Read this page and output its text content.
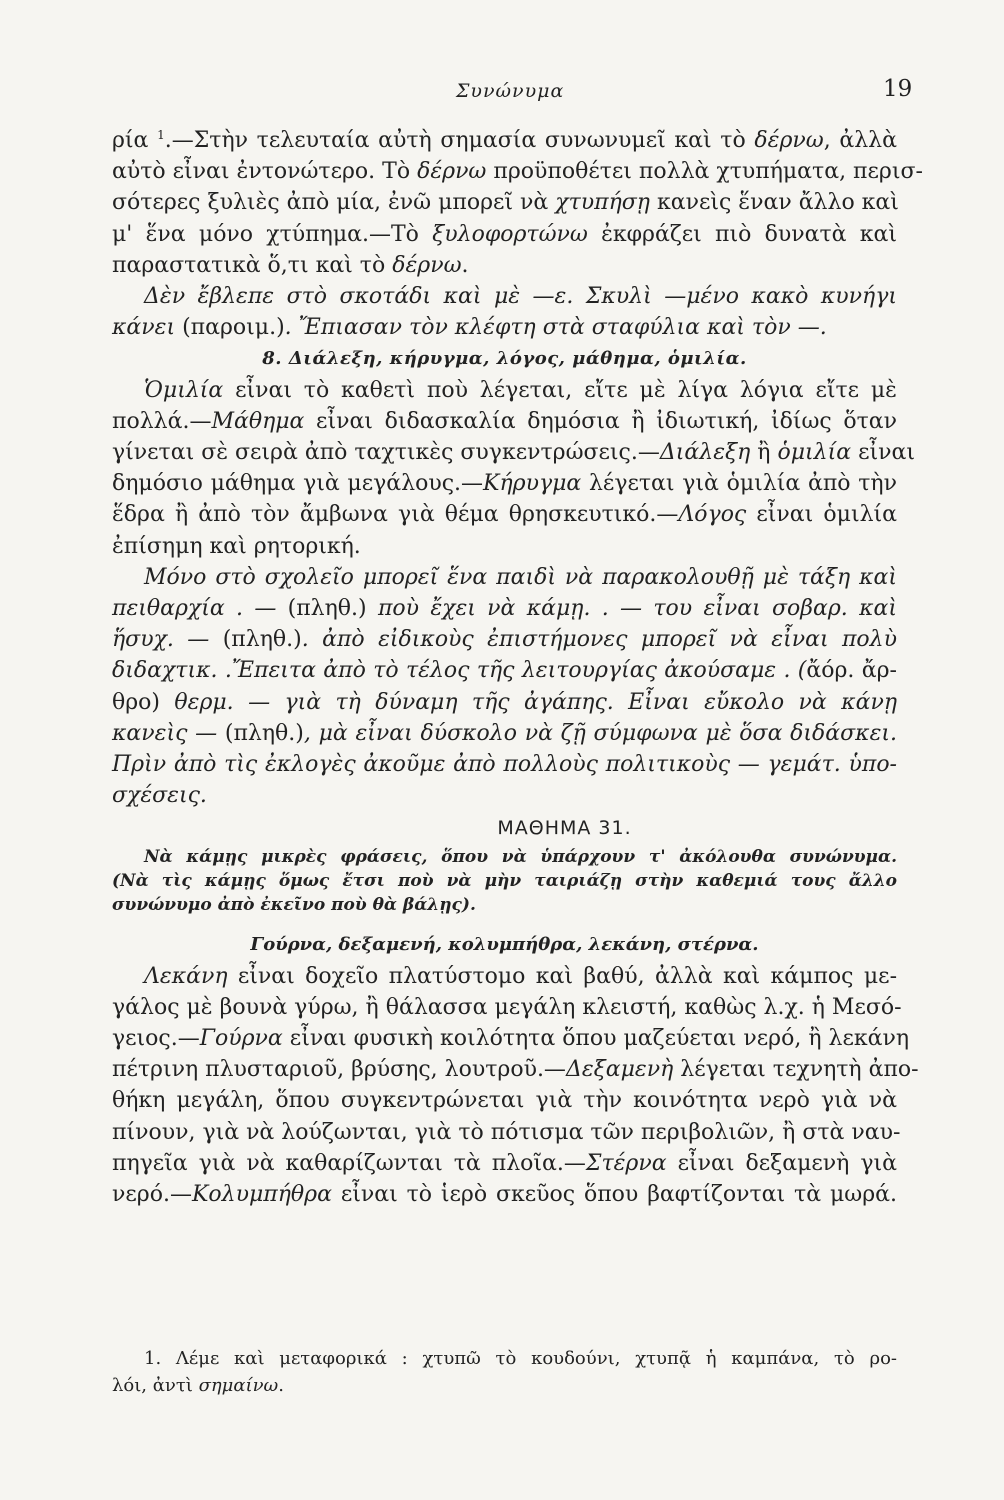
Συνώνυμα	19
ρία $^1$.—Στὴν τελευταία αὐτὴ σημασία συνωνυμεῖ καὶ τὸ δέρνω, ἀλλὰ
αὐτὸ εἶναι ἐντονώτερο. Τὸ δέρνω προϋποθέτει πολλὰ χτυπήματα, περισ-
σότερες ξυλιὲς ἀπὸ μία, ἐνῶ μπορεῖ νὰ χτυπήσῃ κανεὶς ἕναν ἄλλο καὶ
μ' ἕνα μόνο χτύπημα.—Τὸ ξυλοφορτώνω ἐκφράζει πιὸ δυνατὰ καὶ
παραστατικὰ ὅ,τι καὶ τὸ δέρνω.
Δὲν ἔβλεπε στὸ σκοτάδι καὶ μὲ —ε. Σκυλὶ —μένο κακὸ κυνήγι
κάνει (παροιμ.). Ἔπιασαν τὸν κλέφτη στὰ σταφύλια καὶ τὸν —.
8. Διάλεξη, κήρυγμα, λόγος, μάθημα, ὁμιλία.
Ὁμιλία εἶναι τὸ καθετὶ ποὺ λέγεται, εἴτε μὲ λίγα λόγια εἴτε μὲ
πολλά.—Μάθημα εἶναι διδασκαλία δημόσια ἢ ἰδιωτική, ἰδίως ὅταν
γίνεται σὲ σειρὰ ἀπὸ ταχτικὲς συγκεντρώσεις.—Διάλεξη ἢ ὁμιλία εἶναι
δημόσιο μάθημα γιὰ μεγάλους.—Κήρυγμα λέγεται γιὰ ὁμιλία ἀπὸ τὴν
ἕδρα ἢ ἀπὸ τὸν ἄμβωνα γιὰ θέμα θρησκευτικό.—Λόγος εἶναι ὁμιλία
ἐπίσημη καὶ ρητορική.
Μόνο στὸ σχολεῖο μπορεῖ ἕνα παιδὶ νὰ παρακολουθῇ μὲ τάξη καὶ
πειθαρχία . — (πληθ.) ποὺ ἔχει νὰ κάμῃ. . — του εἶναι σοβαρ. καὶ
ἥσυχ. — (πληθ.). ἀπὸ εἰδικοὺς ἐπιστήμονες μπορεῖ νὰ εἶναι πολὺ
διδαχτικ. .Ἔπειτα ἀπὸ τὸ τέλος τῆς λειτουργίας ἀκούσαμε . (ἄόρ. ἄρ-
θρο) θερμ. — γιὰ τὴ δύναμη τῆς ἀγάπης. Εἶναι εὔκολο νὰ κάνῃ
κανεὶς — (πληθ.), μὰ εἶναι δύσκολο νὰ ζῇ σύμφωνα μὲ ὅσα διδάσκει.
Πρὶν ἀπὸ τὶς ἐκλογὲς ἀκοῦμε ἀπὸ πολλοὺς πολιτικοὺς — γεμάτ. ὑπο-
σχέσεις.
ΜΑΘΗΜΑ 31.
Νὰ κάμῃς μικρὲς φράσεις, ὅπου νὰ ὑπάρχουν τ' ἀκόλουθα συνώνυμα.
(Νὰ τὶς κάμῃς ὅμως ἔτσι ποὺ νὰ μὴν ταιριάζῃ στὴν καθεμιά τους ἄλλο
συνώνυμο ἀπὸ ἐκεῖνο ποὺ θὰ βάλῃς).
Γούρνα, δεξαμενή, κολυμπήθρα, λεκάνη, στέρνα.
Λεκάνη εἶναι δοχεῖο πλατύστομο καὶ βαθύ, ἀλλὰ καὶ κάμπος με-
γάλος μὲ βουνὰ γύρω, ἢ θάλασσα μεγάλη κλειστή, καθὼς λ.χ. ἡ Μεσό-
γειος.—Γούρνα εἶναι φυσικὴ κοιλότητα ὅπου μαζεύεται νερό, ἢ λεκάνη
πέτρινη πλυσταριοῦ, βρύσης, λουτροῦ.—Δεξαμενὴ λέγεται τεχνητὴ ἀπο-
θήκη μεγάλη, ὅπου συγκεντρώνεται γιὰ τὴν κοινότητα νερὸ γιὰ νὰ
πίνουν, γιὰ νὰ λούζωνται, γιὰ τὸ πότισμα τῶν περιβολιῶν, ἢ στὰ ναυ-
πηγεῖα γιὰ νὰ καθαρίζωνται τὰ πλοῖα.—Στέρνα εἶναι δεξαμενὴ γιὰ
νερό.—Κολυμπήθρα εἶναι τὸ ἱερὸ σκεῦος ὅπου βαφτίζονται τὰ μωρά.
1. Λέμε καὶ μεταφορικά : χτυπῶ τὸ κουδούνι, χτυπᾷ ἡ καμπάνα, τὸ ρο-
λόι, ἀντὶ σημαίνω.
